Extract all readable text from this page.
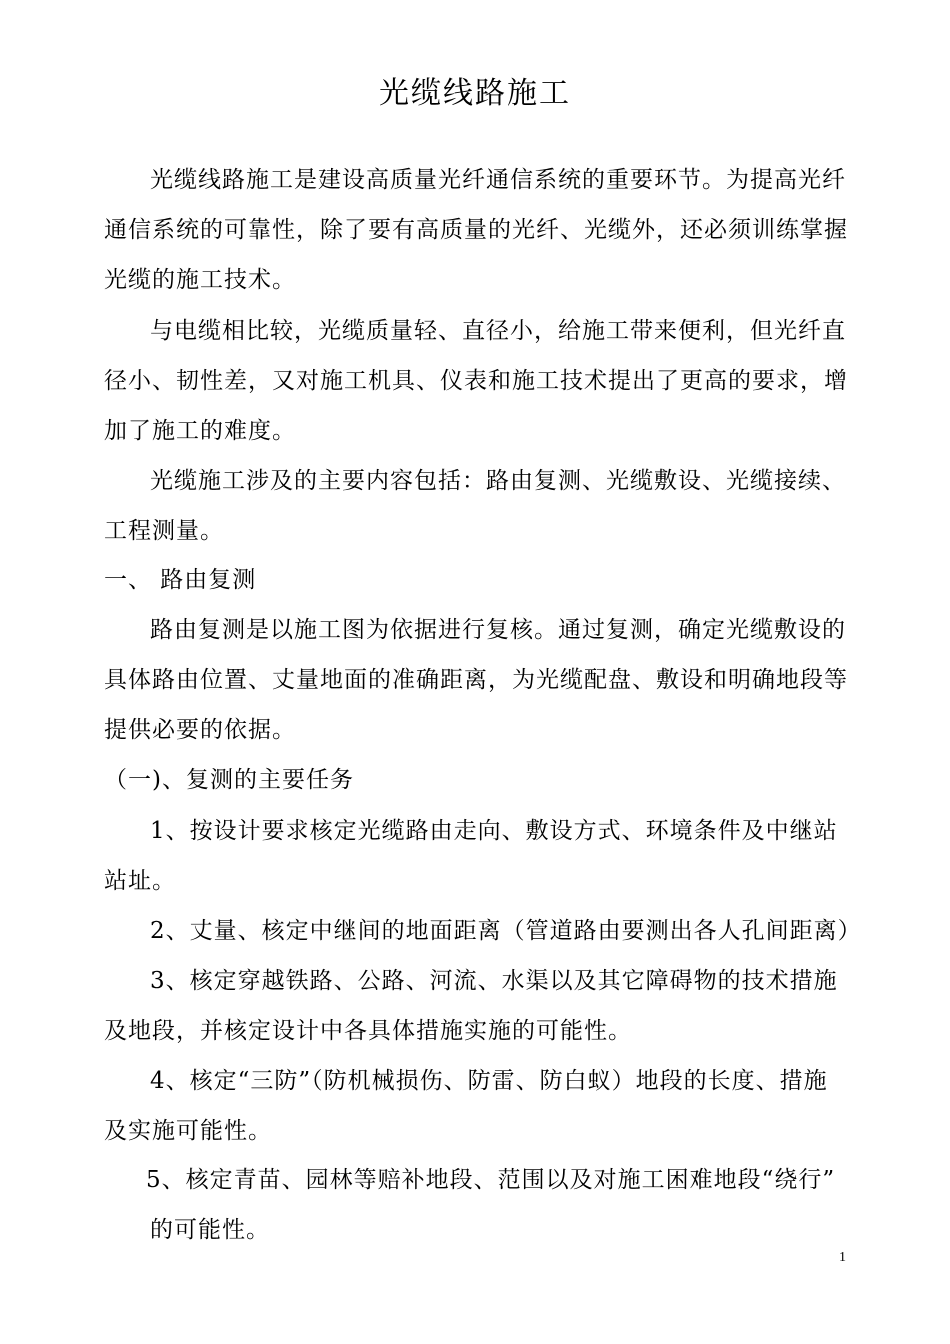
光缆线路施工
光缆线路施工是建设高质量光纤通信系统的重要环节。为提高光纤
通信系统的可靠性，除了要有高质量的光纤、光缆外，还必须训练掌握
光缆的施工技术。
与电缆相比较，光缆质量轻、直径小，给施工带来便利，但光纤直
径小、韧性差，又对施工机具、仪表和施工技术提出了更高的要求，增
加了施工的难度。
光缆施工涉及的主要内容包括：路由复测、光缆敷设、光缆接续、
工程测量。
一、 路由复测
路由复测是以施工图为依据进行复核。通过复测，确定光缆敷设的
具体路由位置、丈量地面的准确距离，为光缆配盘、敷设和明确地段等
提供必要的依据。
（一)、复测的主要任务
1、按设计要求核定光缆路由走向、敷设方式、环境条件及中继站
站址。
2、丈量、核定中继间的地面距离（管道路由要测出各人孔间距离）
3、核定穿越铁路、公路、河流、水渠以及其它障碍物的技术措施
及地段，并核定设计中各具体措施实施的可能性。
4、核定“三防”（防机械损伤、防雷、防白蚁）地段的长度、措施
及实施可能性。
5、核定青苗、园林等赔补地段、范围以及对施工困难地段“绕行”
的可能性。
1
